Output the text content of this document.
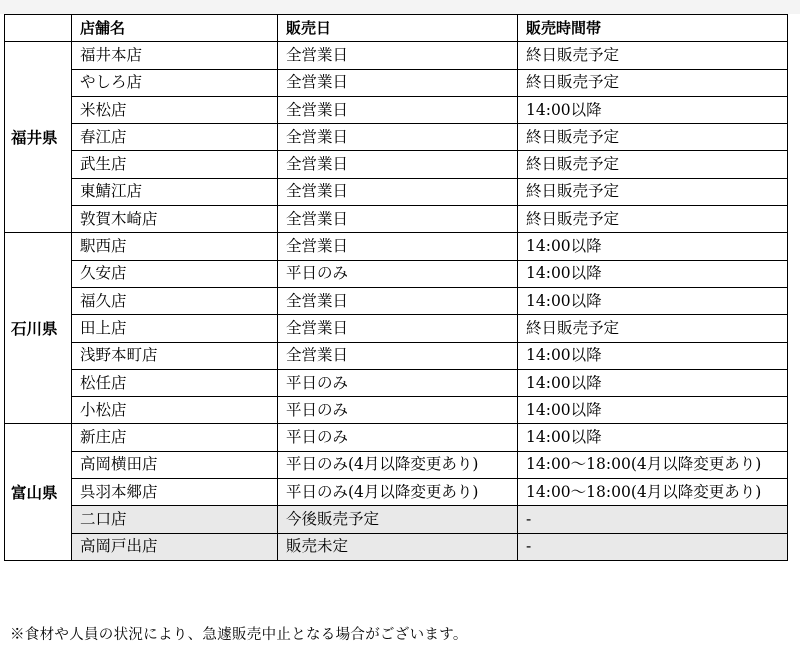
	店舗名	販売日	販売時間帯
福井県	福井本店	全営業日	終日販売予定
	やしろ店	全営業日	終日販売予定
	米松店	全営業日	14:00以降
	春江店	全営業日	終日販売予定
	武生店	全営業日	終日販売予定
	東鯖江店	全営業日	終日販売予定
	敦賀木崎店	全営業日	終日販売予定
石川県	駅西店	全営業日	14:00以降
	久安店	平日のみ	14:00以降
	福久店	全営業日	14:00以降
	田上店	全営業日	終日販売予定
	浅野本町店	全営業日	14:00以降
	松任店	平日のみ	14:00以降
	小松店	平日のみ	14:00以降
富山県	新庄店	平日のみ	14:00以降
	高岡横田店	平日のみ(4月以降変更あり)	14:00〜18:00(4月以降変更あり)
	呉羽本郷店	平日のみ(4月以降変更あり)	14:00〜18:00(4月以降変更あり)
	二口店	今後販売予定	-
	高岡戸出店	販売未定	-
※食材や人員の状況により、急遽販売中止となる場合がございます。
